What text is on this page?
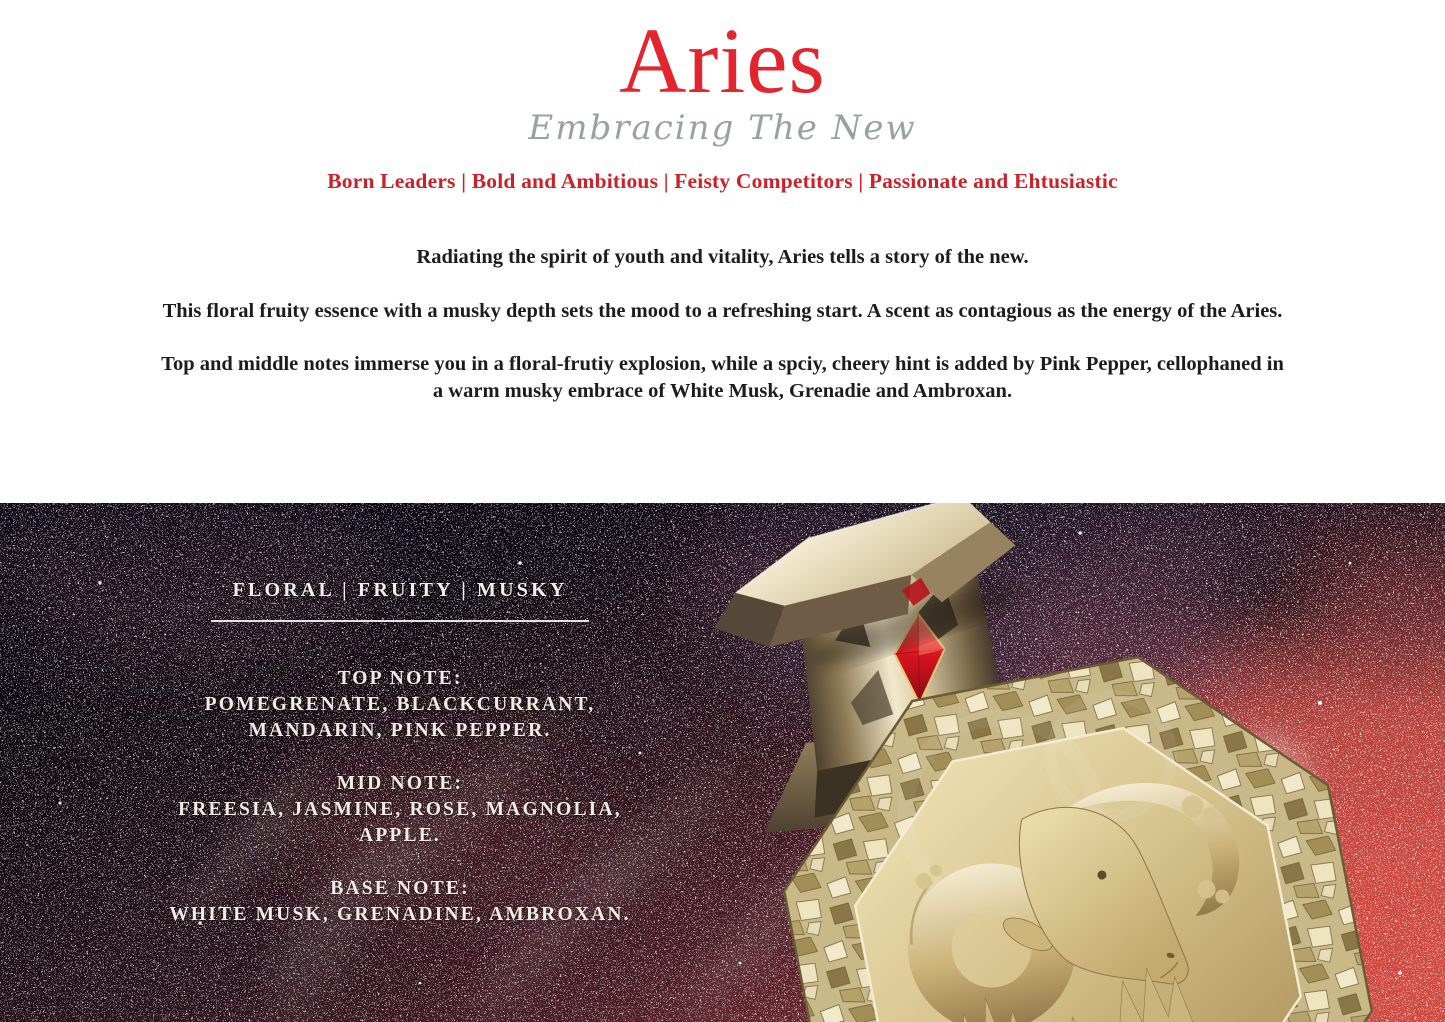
Aries
Embracing The New
Born Leaders | Bold and Ambitious | Feisty Competitors | Passionate and Ehtusiastic

Radiating the spirit of youth and vitality, Aries tells a story of the new.

This floral fruity essence with a musky depth sets the mood to a refreshing start. A scent as contagious as the energy of the Aries.

Top and middle notes immerse you in a floral-frutiy explosion, while a spciy, cheery hint is added by Pink Pepper, cellophaned in a warm musky embrace of White Musk, Grenadie and Ambroxan.

FLORAL | FRUITY | MUSKY
TOP NOTE:
POMEGRENATE, BLACKCURRANT,
MANDARIN, PINK PEPPER.
MID NOTE:
FREESIA, JASMINE, ROSE, MAGNOLIA,
APPLE.
BASE NOTE:
WHITE MUSK, GRENADINE, AMBROXAN.
